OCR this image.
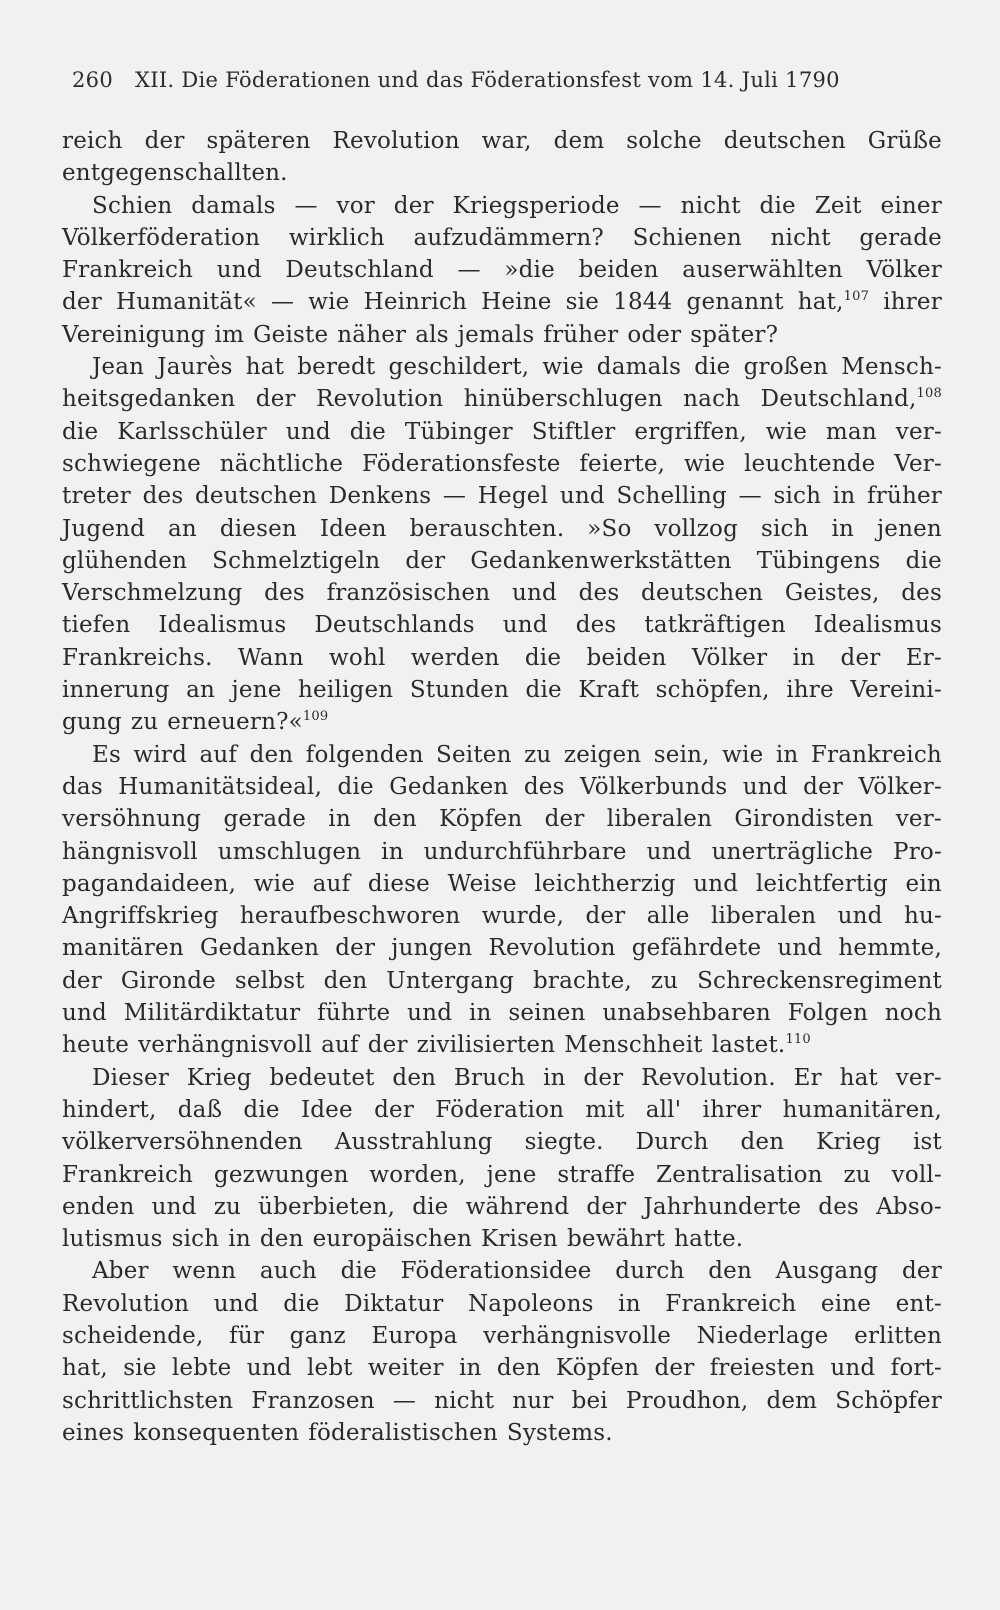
260 XII. Die Föderationen und das Föderationsfest vom 14. Juli 1790
reich der späteren Revolution war, dem solche deutschen Grüße
entgegenschallten.
Schien damals — vor der Kriegsperiode — nicht die Zeit einer
Völkerföderation wirklich aufzudämmern? Schienen nicht gerade
Frankreich und Deutschland — »die beiden auserwählten Völker
der Humanität« — wie Heinrich Heine sie 1844 genannt hat,$^{107}$ ihrer
Vereinigung im Geiste näher als jemals früher oder später?
Jean Jaurès hat beredt geschildert, wie damals die großen Mensch-
heitsgedanken der Revolution hinüberschlugen nach Deutschland,$^{108}$
die Karlsschüler und die Tübinger Stiftler ergriffen, wie man ver-
schwiegene nächtliche Föderationsfeste feierte, wie leuchtende Ver-
treter des deutschen Denkens — Hegel und Schelling — sich in früher
Jugend an diesen Ideen berauschten. »So vollzog sich in jenen
glühenden Schmelztigeln der Gedankenwerkstätten Tübingens die
Verschmelzung des französischen und des deutschen Geistes, des
tiefen Idealismus Deutschlands und des tatkräftigen Idealismus
Frankreichs. Wann wohl werden die beiden Völker in der Er-
innerung an jene heiligen Stunden die Kraft schöpfen, ihre Vereini-
gung zu erneuern?«$^{109}$
Es wird auf den folgenden Seiten zu zeigen sein, wie in Frankreich
das Humanitätsideal, die Gedanken des Völkerbunds und der Völker-
versöhnung gerade in den Köpfen der liberalen Girondisten ver-
hängnisvoll umschlugen in undurchführbare und unerträgliche Pro-
pagandaideen, wie auf diese Weise leichtherzig und leichtfertig ein
Angriffskrieg heraufbeschworen wurde, der alle liberalen und hu-
manitären Gedanken der jungen Revolution gefährdete und hemmte,
der Gironde selbst den Untergang brachte, zu Schreckensregiment
und Militärdiktatur führte und in seinen unabsehbaren Folgen noch
heute verhängnisvoll auf der zivilisierten Menschheit lastet.$^{110}$
Dieser Krieg bedeutet den Bruch in der Revolution. Er hat ver-
hindert, daß die Idee der Föderation mit all' ihrer humanitären,
völkerversöhnenden Ausstrahlung siegte. Durch den Krieg ist
Frankreich gezwungen worden, jene straffe Zentralisation zu voll-
enden und zu überbieten, die während der Jahrhunderte des Abso-
lutismus sich in den europäischen Krisen bewährt hatte.
Aber wenn auch die Föderationsidee durch den Ausgang der
Revolution und die Diktatur Napoleons in Frankreich eine ent-
scheidende, für ganz Europa verhängnisvolle Niederlage erlitten
hat, sie lebte und lebt weiter in den Köpfen der freiesten und fort-
schrittlichsten Franzosen — nicht nur bei Proudhon, dem Schöpfer
eines konsequenten föderalistischen Systems.
